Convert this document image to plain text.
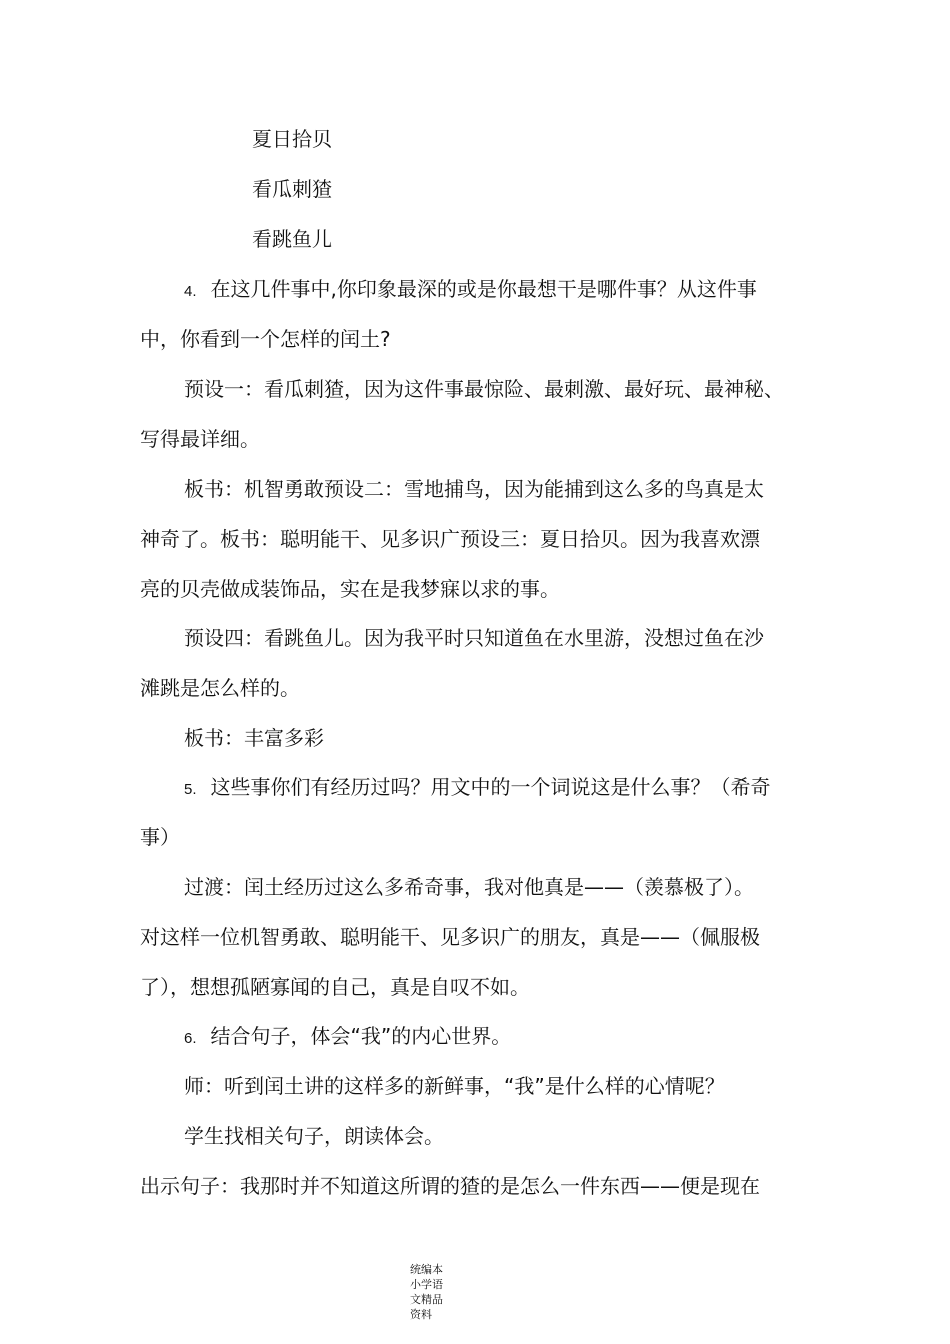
夏日拾贝
看瓜刺猹
看跳鱼儿
4. 在这几件事中,你印象最深的或是你最想干是哪件事？从这件事
中，你看到一个怎样的闰土?
预设一：看瓜刺猹，因为这件事最惊险、最刺激、最好玩、最神秘、
写得最详细。
板书：机智勇敢预设二：雪地捕鸟，因为能捕到这么多的鸟真是太
神奇了。板书：聪明能干、见多识广预设三：夏日拾贝。因为我喜欢漂
亮的贝壳做成装饰品，实在是我梦寐以求的事。
预设四：看跳鱼儿。因为我平时只知道鱼在水里游，没想过鱼在沙
滩跳是怎么样的。
板书：丰富多彩
5. 这些事你们有经历过吗？用文中的一个词说这是什么事？（希奇
事）
过渡：闰土经历过这么多希奇事，我对他真是——（羡慕极了）。
对这样一位机智勇敢、聪明能干、见多识广的朋友，真是——（佩服极
了），想想孤陋寡闻的自己，真是自叹不如。
6. 结合句子，体会“我”的内心世界。
师：听到闰土讲的这样多的新鲜事，“我”是什么样的心情呢？
学生找相关句子，朗读体会。
出示句子：我那时并不知道这所谓的猹的是怎么一件东西——便是现在
统编本
小学语
文精品
资料
